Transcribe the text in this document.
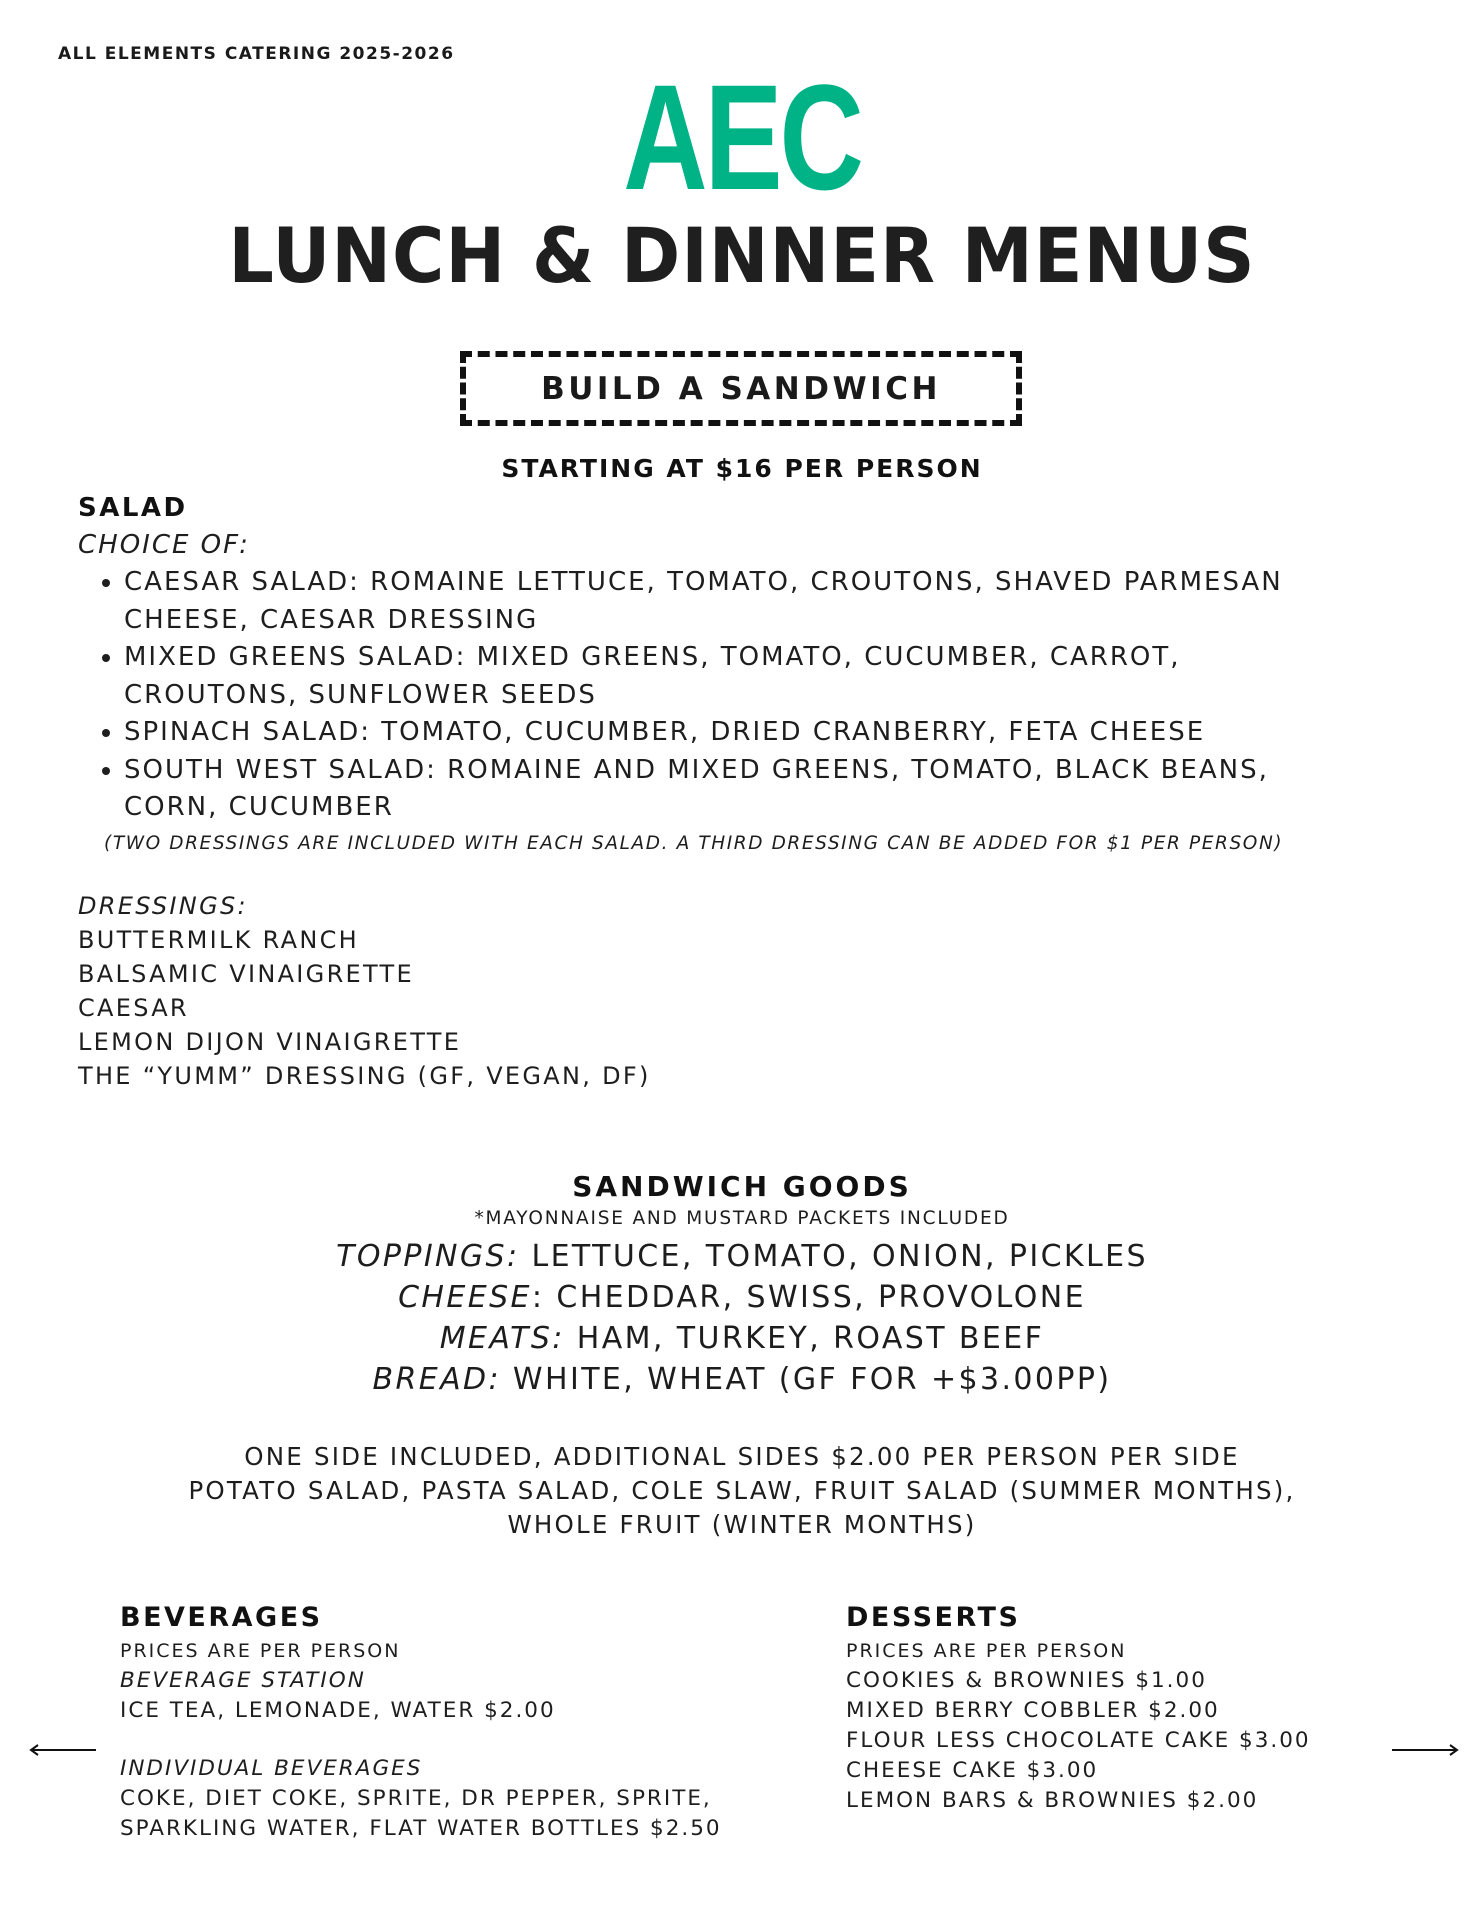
ALL ELEMENTS CATERING 2025-2026	AEC
LUNCH & DINNER MENUS
BUILD A SANDWICH
STARTING AT $16 PER PERSON
SALAD
CHOICE OF:
• CAESAR SALAD: ROMAINE LETTUCE, TOMATO, CROUTONS, SHAVED PARMESAN
CHEESE, CAESAR DRESSING
• MIXED GREENS SALAD: MIXED GREENS, TOMATO, CUCUMBER, CARROT,
CROUTONS, SUNFLOWER SEEDS
• SPINACH SALAD: TOMATO, CUCUMBER, DRIED CRANBERRY, FETA CHEESE
• SOUTH WEST SALAD: ROMAINE AND MIXED GREENS, TOMATO, BLACK BEANS,
CORN, CUCUMBER
(TWO DRESSINGS ARE INCLUDED WITH EACH SALAD. A THIRD DRESSING CAN BE ADDED FOR $1 PER PERSON)
DRESSINGS:
BUTTERMILK RANCH
BALSAMIC VINAIGRETTE
CAESAR
LEMON DIJON VINAIGRETTE
THE “YUMM” DRESSING (GF, VEGAN, DF)
SANDWICH GOODS
*MAYONNAISE AND MUSTARD PACKETS INCLUDED
TOPPINGS: LETTUCE, TOMATO, ONION, PICKLES
CHEESE: CHEDDAR, SWISS, PROVOLONE
MEATS: HAM, TURKEY, ROAST BEEF
BREAD: WHITE, WHEAT (GF FOR +$3.00PP)
ONE SIDE INCLUDED, ADDITIONAL SIDES $2.00 PER PERSON PER SIDE
POTATO SALAD, PASTA SALAD, COLE SLAW, FRUIT SALAD (SUMMER MONTHS),
WHOLE FRUIT (WINTER MONTHS)
BEVERAGES
PRICES ARE PER PERSON
BEVERAGE STATION
ICE TEA, LEMONADE, WATER $2.00
INDIVIDUAL BEVERAGES
COKE, DIET COKE, SPRITE, DR PEPPER, SPRITE,
SPARKLING WATER, FLAT WATER BOTTLES $2.50
DESSERTS
PRICES ARE PER PERSON
COOKIES & BROWNIES $1.00
MIXED BERRY COBBLER $2.00
FLOUR LESS CHOCOLATE CAKE $3.00
CHEESE CAKE $3.00
LEMON BARS & BROWNIES $2.00
